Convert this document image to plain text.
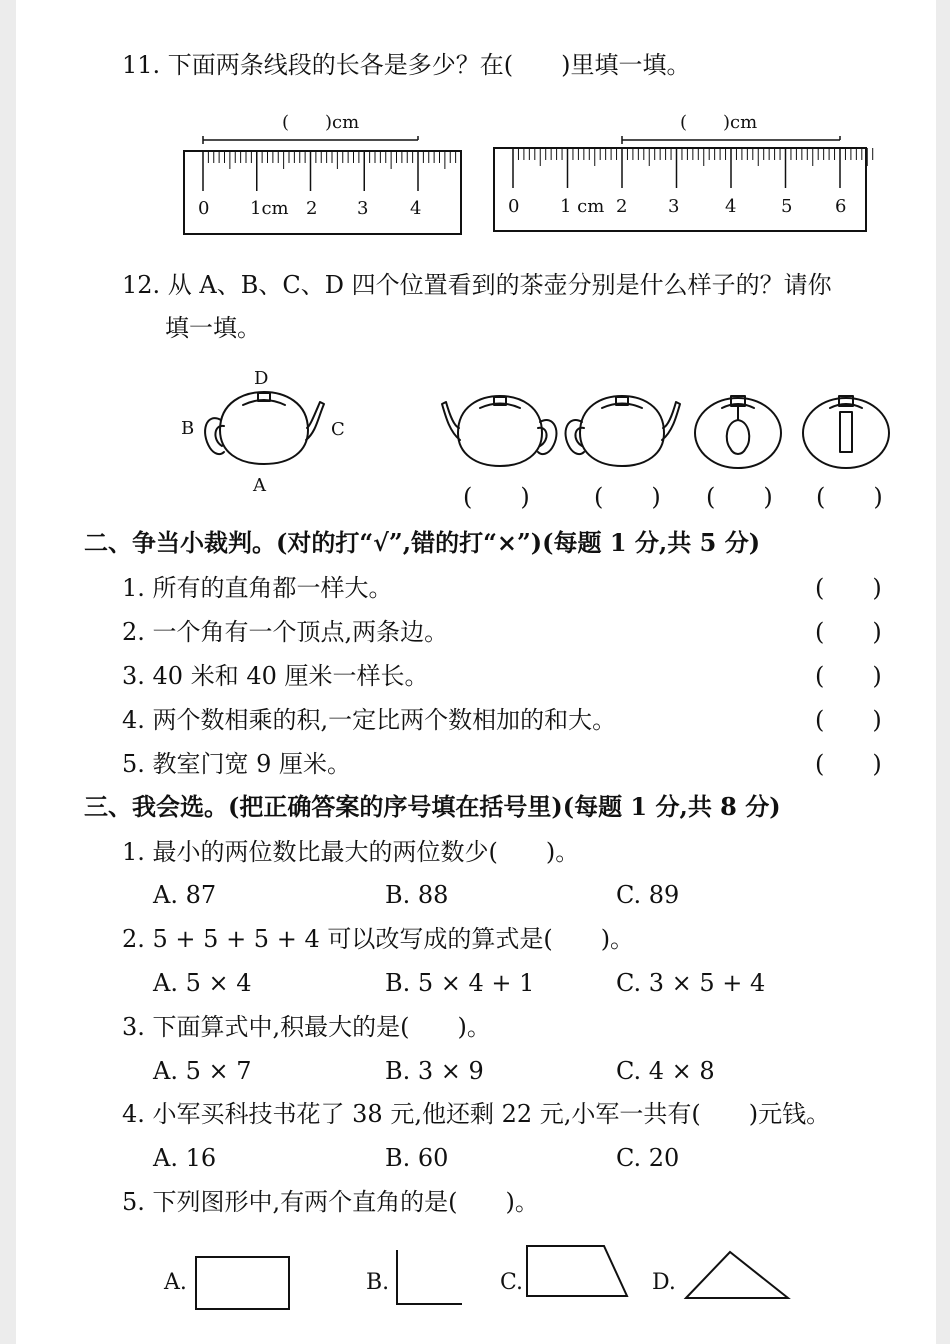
11. 下面两条线段的长各是多少？在(　　)里填一填。
(　　)cm
0 1cm 2 3 4
(　　)cm
0 1 cm 2 3	4 5 6
12. 从 A、B、C、D 四个位置看到的茶壶分别是什么样子的？请你
填一填。
D
B	C
A	(　　)	(　　) (　　) (　　)
二、争当小裁判。(对的打“√”,错的打“×”)(每题 1 分,共 5 分)
1. 所有的直角都一样大。	(　　)
2. 一个角有一个顶点,两条边。	(　　)
3. 40 米和 40 厘米一样长。	(　　)
4. 两个数相乘的积,一定比两个数相加的和大。	(　　)
5. 教室门宽 9 厘米。	(　　)
三、我会选。(把正确答案的序号填在括号里)(每题 1 分,共 8 分)
1. 最小的两位数比最大的两位数少(　　)。
A. 87	B. 88	C. 89
2. 5 + 5 + 5 + 4 可以改写成的算式是(　　)。
A. 5 × 4	B. 5 × 4 + 1	C. 3 × 5 + 4
3. 下面算式中,积最大的是(　　)。
A. 5 × 7	B. 3 × 9	C. 4 × 8
4. 小军买科技书花了 38 元,他还剩 22 元,小军一共有(　　)元钱。
A. 16	B. 60	C. 20
5. 下列图形中,有两个直角的是(　　)。
A.	B.	C.	D.
